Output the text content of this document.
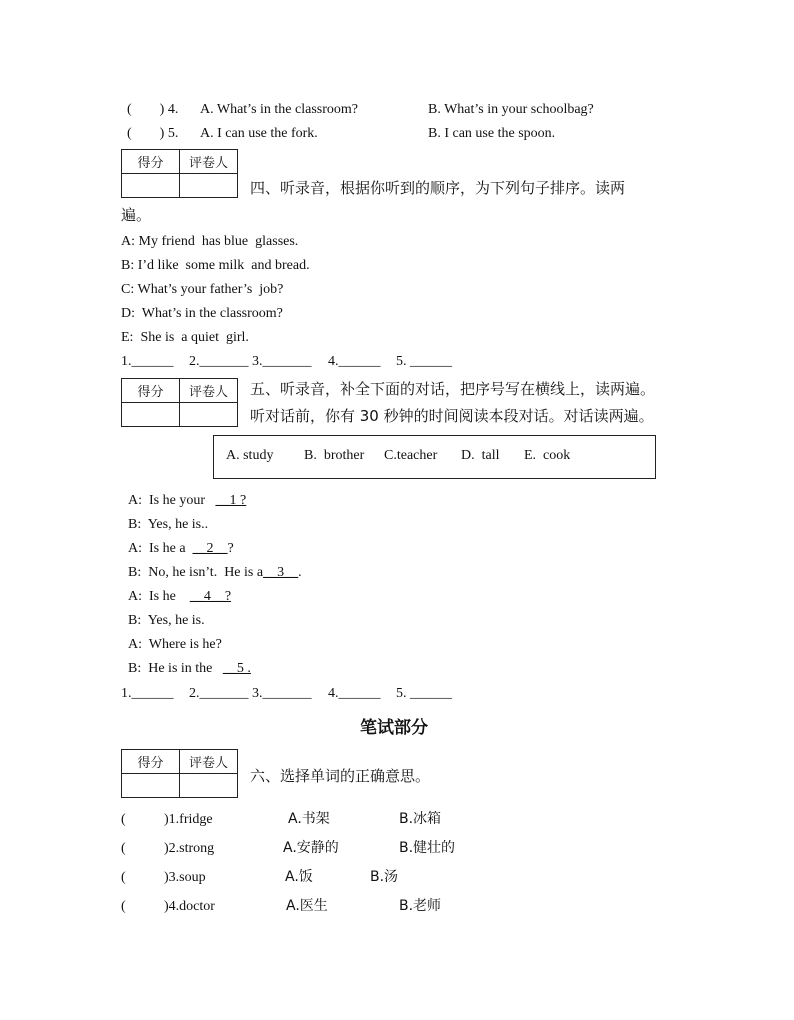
(　　) 4. A. What’s in the classroom?	B. What’s in your schoolbag?
(　　) 5. A. I can use the fork.	B. I can use the spoon.
得分	评卷人

四、听录音，根据你听到的顺序，为下列句子排序。读两
遍。
A: My friend  has blue  glasses.
B: I’d like  some milk  and bread.
C: What’s your father’s  job?
D:  What’s in the classroom?
E:  She is  a quiet  girl.
1.______ 2._______ 3._______ 4.______ 5. ______
得分	评卷人
	五、听录音，补全下面的对话，把序号写在横线上，读两遍。
听对话前，你有 30 秒钟的时间阅读本段对话。对话读两遍。
A. study B.  brother C.teacher D.  tall E.  cook
A:  Is he your   __1 ?
B:  Yes, he is..
A:  Is he a  __2__?
B:  No, he isn’t.  He is a__3__.
A:  Is he    __4__?
B:  Yes, he is.
A:  Where is he?
B:  He is in the   __5 .
1.______ 2._______ 3._______ 4.______ 5. ______
笔试部分
得分	评卷人

六、选择单词的正确意思。
(	)1.fridge	A.书架	B.冰箱
(	)2.strong	A.安静的	B.健壮的
(	)3.soup	A.饭	B.汤
(	)4.doctor	A.医生	B.老师
